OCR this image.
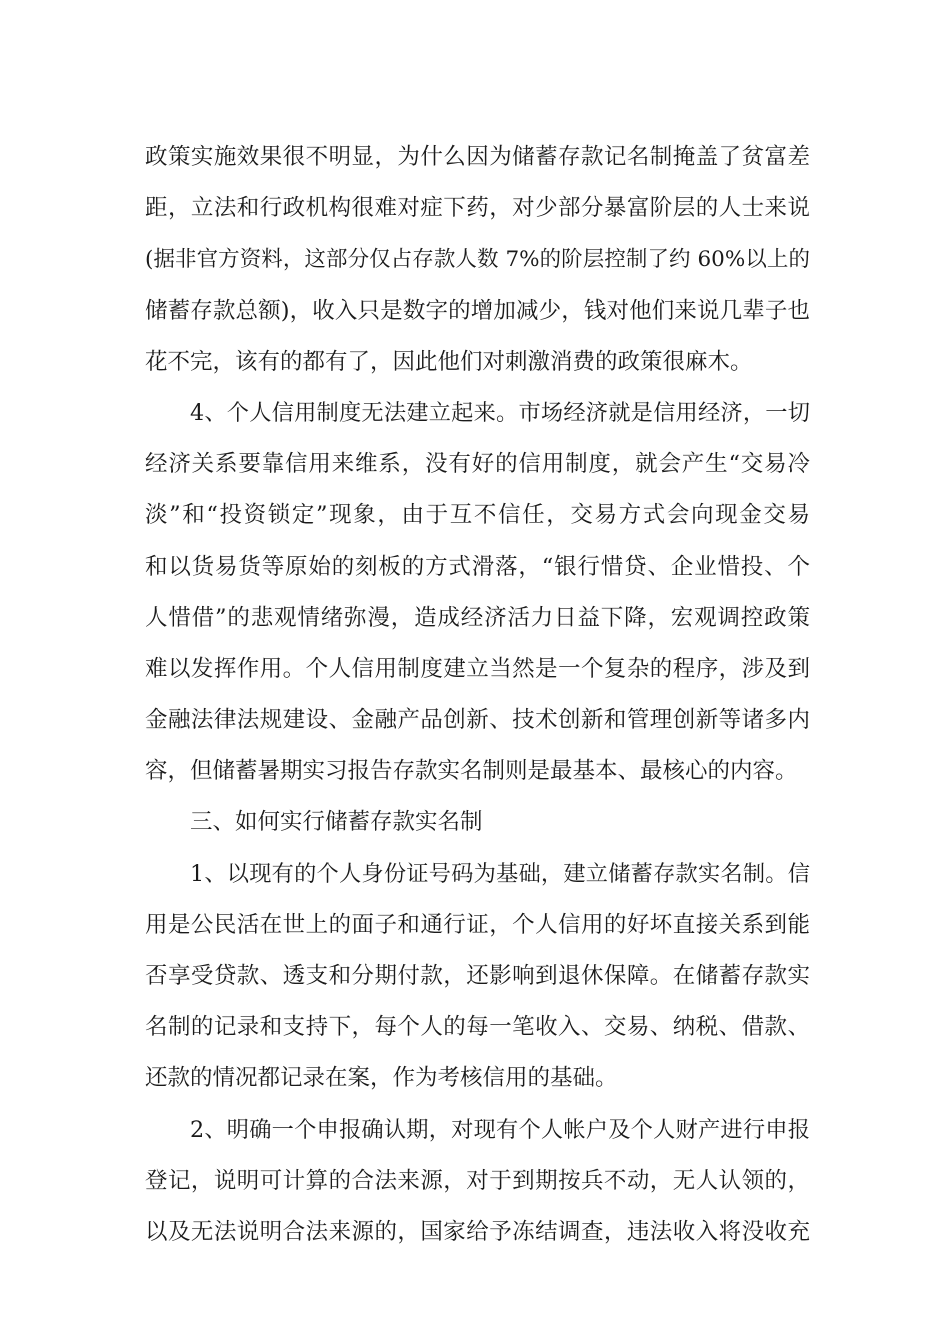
政策实施效果很不明显，为什么因为储蓄存款记名制掩盖了贫富差
距，立法和行政机构很难对症下药，对少部分暴富阶层的人士来说
(据非官方资料，这部分仅占存款人数 7%的阶层控制了约 60%以上的
储蓄存款总额)，收入只是数字的增加减少，钱对他们来说几辈子也
花不完，该有的都有了，因此他们对刺激消费的政策很麻木。
4、个人信用制度无法建立起来。市场经济就是信用经济，一切
经济关系要靠信用来维系，没有好的信用制度，就会产生“交易冷
淡”和“投资锁定”现象，由于互不信任，交易方式会向现金交易
和以货易货等原始的刻板的方式滑落，“银行惜贷、企业惜投、个
人惜借”的悲观情绪弥漫，造成经济活力日益下降，宏观调控政策
难以发挥作用。个人信用制度建立当然是一个复杂的程序，涉及到
金融法律法规建设、金融产品创新、技术创新和管理创新等诸多内
容，但储蓄暑期实习报告存款实名制则是最基本、最核心的内容。
三、如何实行储蓄存款实名制
1、以现有的个人身份证号码为基础，建立储蓄存款实名制。信
用是公民活在世上的面子和通行证，个人信用的好坏直接关系到能
否享受贷款、透支和分期付款，还影响到退休保障。在储蓄存款实
名制的记录和支持下，每个人的每一笔收入、交易、纳税、借款、
还款的情况都记录在案，作为考核信用的基础。
2、明确一个申报确认期，对现有个人帐户及个人财产进行申报
登记，说明可计算的合法来源，对于到期按兵不动，无人认领的，
以及无法说明合法来源的，国家给予冻结调查，违法收入将没收充
